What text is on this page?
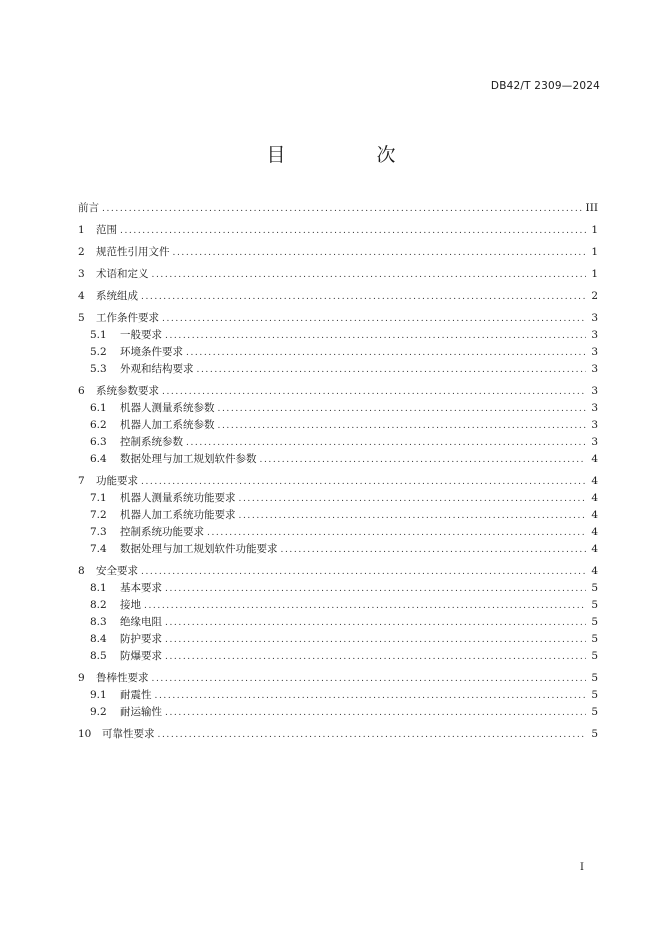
DB42/T 2309—2024
目　次
前言 .....	III
1	范围 .....	1
2	规范性引用文件 .....	1
3	术语和定义 .....	1
4	系统组成 .....	2
5	工作条件要求 .....	3
5.1	一般要求 .....	3
5.2	环境条件要求 .....	3
5.3	外观和结构要求 .....	3
6	系统参数要求 .....	3
6.1	机器人测量系统参数 .....	3
6.2	机器人加工系统参数 .....	3
6.3	控制系统参数 .....	3
6.4	数据处理与加工规划软件参数 .....	4
7	功能要求 .....	4
7.1	机器人测量系统功能要求 .....	4
7.2	机器人加工系统功能要求 .....	4
7.3	控制系统功能要求 .....	4
7.4	数据处理与加工规划软件功能要求 .....	4
8	安全要求 .....	4
8.1	基本要求 .....	5
8.2	接地 .....	5
8.3	绝缘电阻 .....	5
8.4	防护要求 .....	5
8.5	防爆要求 .....	5
9	鲁棒性要求 .....	5
9.1	耐震性 .....	5
9.2	耐运输性 .....	5
10	可靠性要求 .....	5
I
